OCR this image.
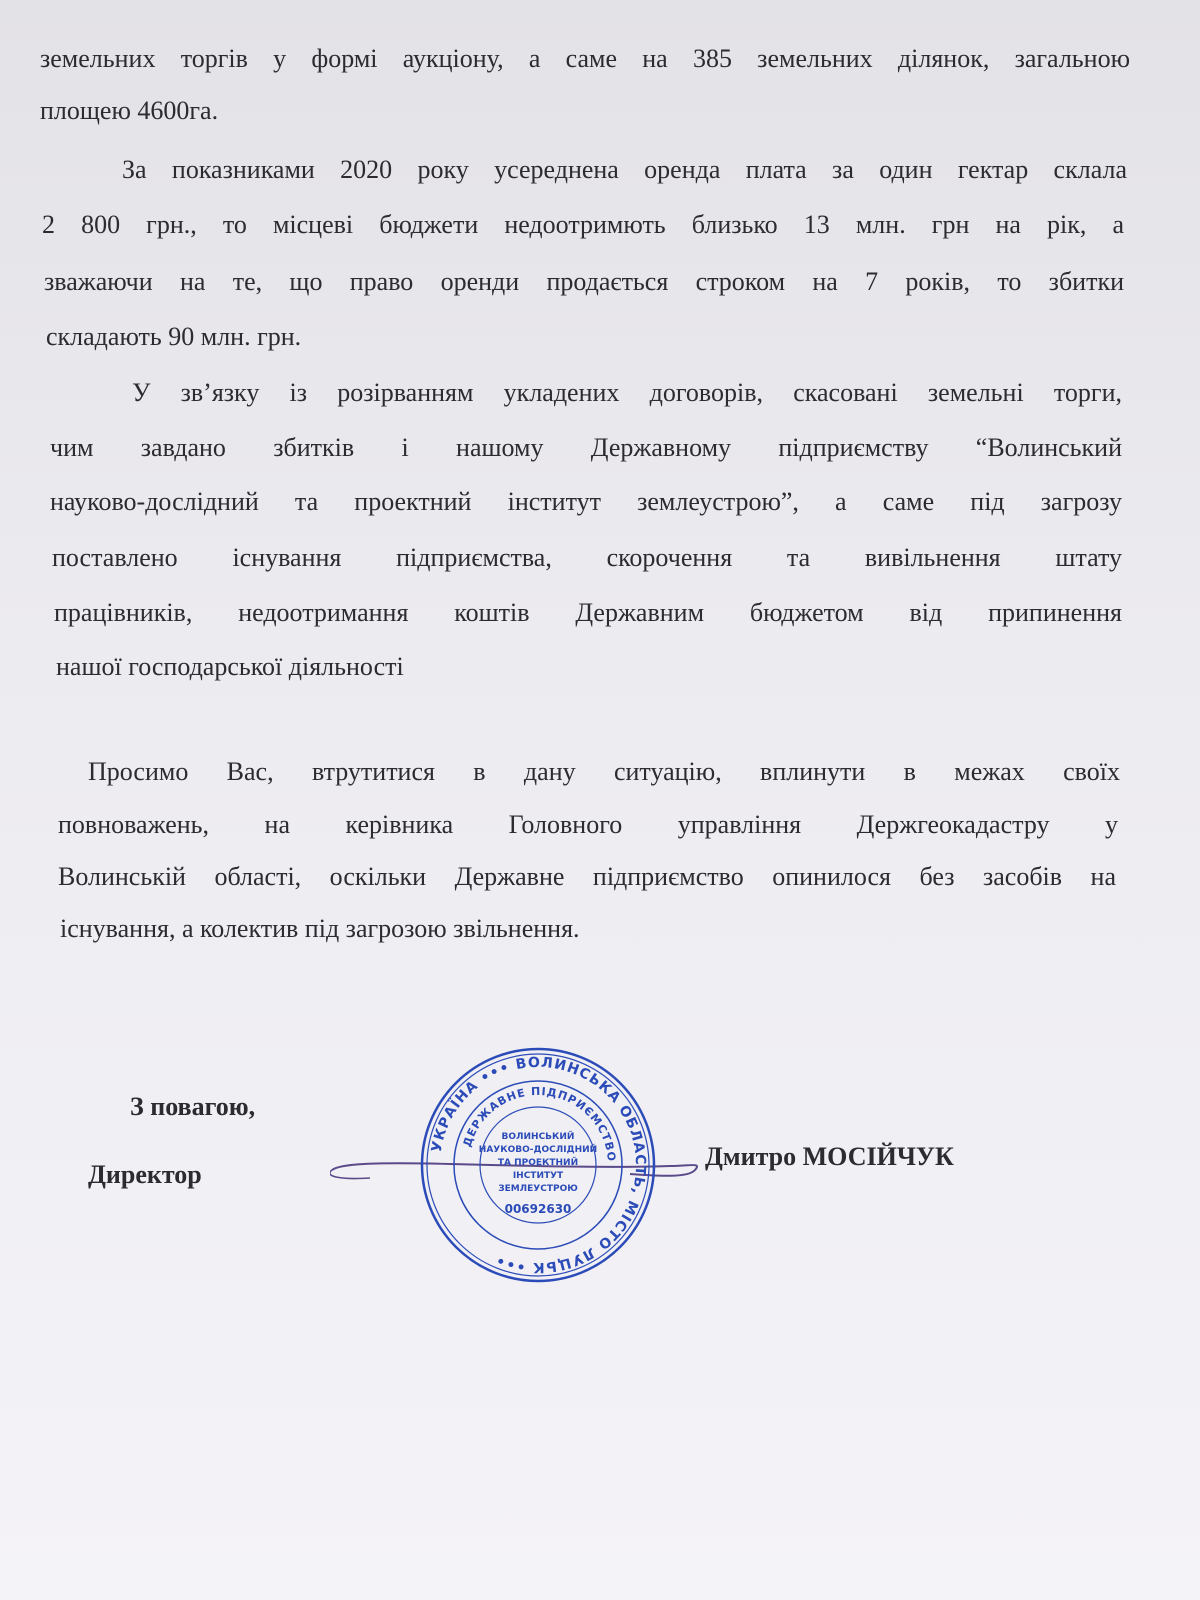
земельних торгів у формі аукціону, а саме на 385 земельних ділянок, загальною
площею 4600га.
За показниками 2020 року усереднена оренда плата за один гектар склала
2 800 грн., то місцеві бюджети недоотримють близько 13 млн. грн на рік, а
зважаючи на те, що право оренди продається строком на 7 років, то збитки
складають 90 млн. грн.
У зв’язку із розірванням укладених договорів, скасовані земельні торги,
чим завдано збитків і нашому Державному підприємству “Волинський
науково-дослідний та проектний інститут землеустрою”, а саме під загрозу
поставлено існування підприємства, скорочення та вивільнення штату
працівників, недоотримання коштів Державним бюджетом від припинення
нашої господарської діяльності
Просимо Вас, втрутитися в дану ситуацію, вплинути в межах своїх
повноважень, на керівника Головного управління Держгеокадастру у
Волинській області, оскільки Державне підприємство опинилося без засобів на
існування, а колектив під загрозою звільнення.
З повагою,
Директор
Дмитро МОСІЙЧУК
УКРАЇНА ••• ВОЛИНСЬКА ОБЛАСТЬ, МІСТО ЛУЦЬК •••
ДЕРЖАВНЕ ПІДПРИЄМСТВО
ВОЛИНСЬКИЙ
НАУКОВО-ДОСЛІДНИЙ
ТА ПРОЕКТНИЙ
ІНСТИТУТ
ЗЕМЛЕУСТРОЮ
00692630
